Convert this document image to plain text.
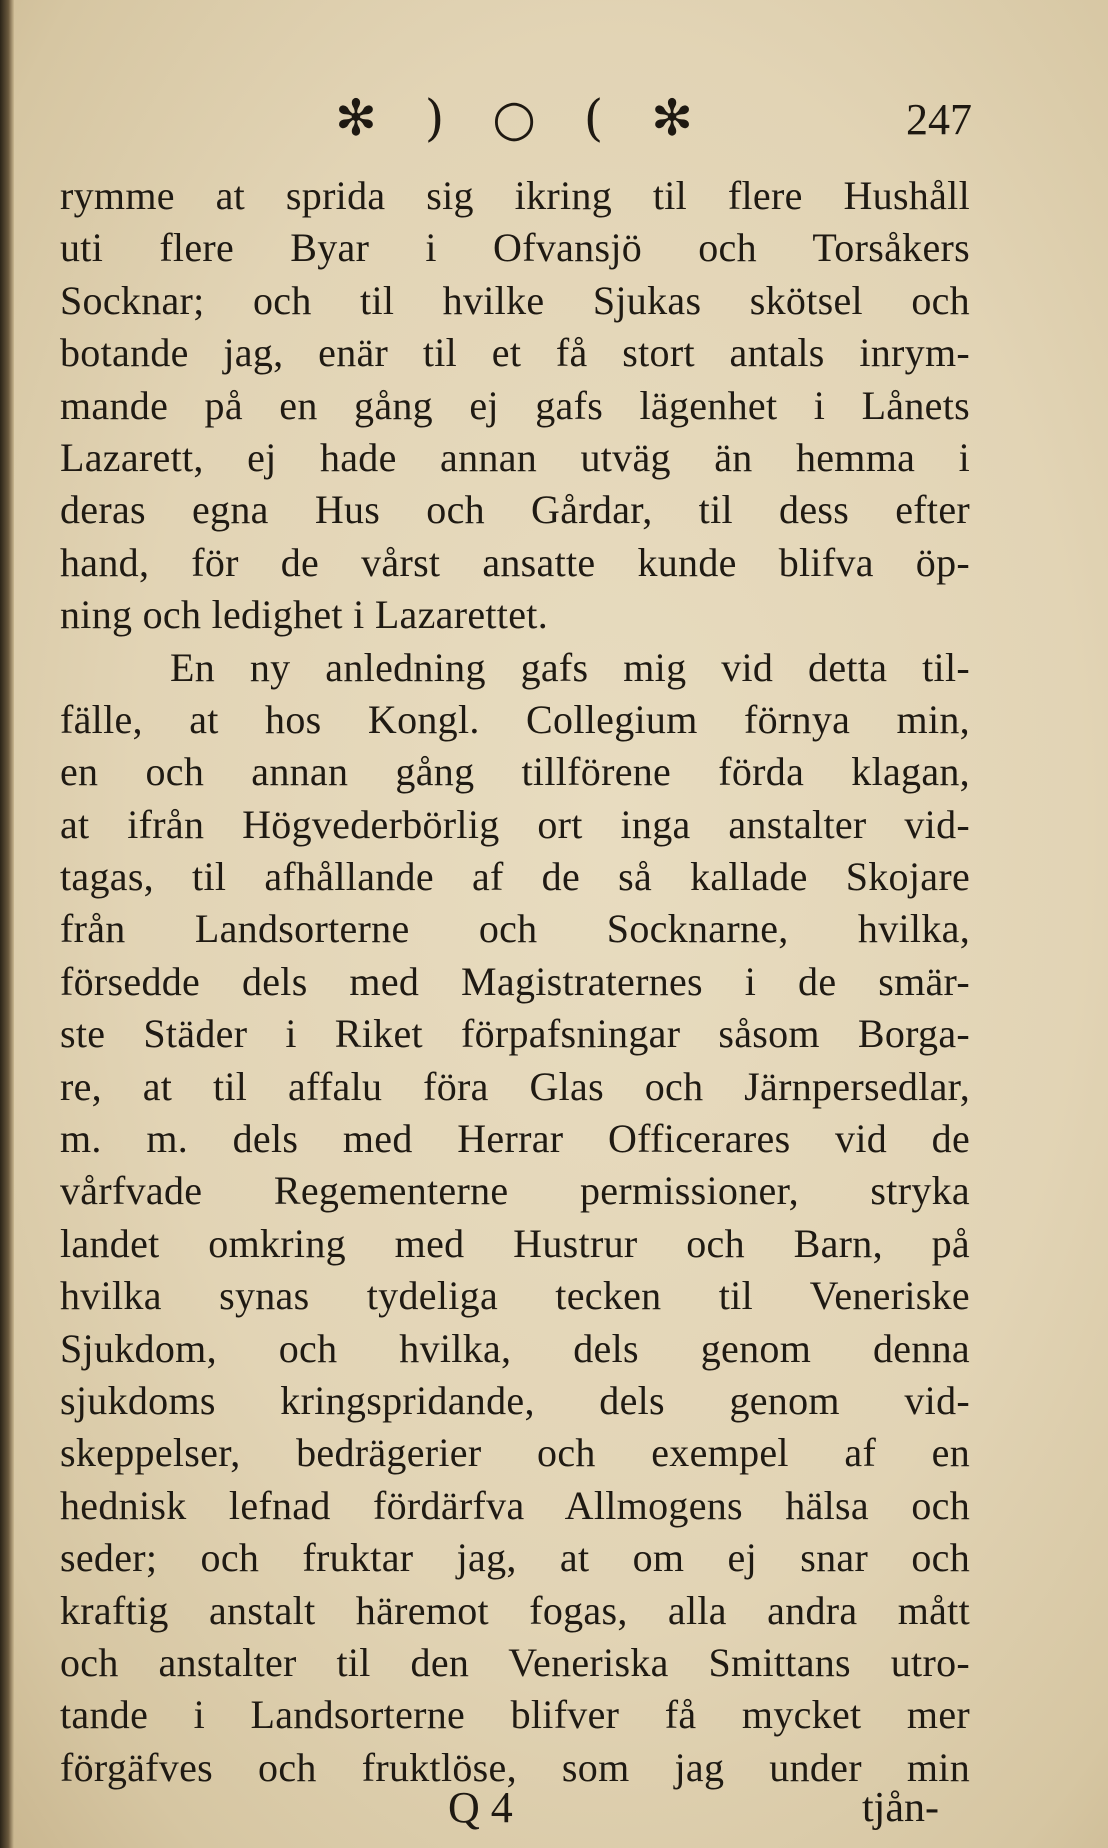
✻ ) ○ ( ✻	247
rymme at sprida sig ikring til flere Hushåll
uti flere Byar i Ofvansjö och Torsåkers
Socknar; och til hvilke Sjukas skötsel och
botande jag, enär til et få stort antals inrym-
mande på en gång ej gafs lägenhet i Lånets
Lazarett, ej hade annan utväg än hemma i
deras egna Hus och Gårdar, til dess efter
hand, för de vårst ansatte kunde blifva öp-
ning och ledighet i Lazarettet.
En ny anledning gafs mig vid detta til-
fälle, at hos Kongl. Collegium förnya min,
en och annan gång tillförene förda klagan,
at ifrån Högvederbörlig ort inga anstalter vid-
tagas, til afhållande af de så kallade Skojare
från Landsorterne och Socknarne, hvilka,
försedde dels med Magistraternes i de smär-
ste Städer i Riket förpafsningar såsom Borga-
re, at til affalu föra Glas och Järnpersedlar,
m. m. dels med Herrar Officerares vid de
vårfvade Regementerne permissioner, stryka
landet omkring med Hustrur och Barn, på
hvilka synas tydeliga tecken til Veneriske
Sjukdom, och hvilka, dels genom denna
sjukdoms kringspridande, dels genom vid-
skeppelser, bedrägerier och exempel af en
hednisk lefnad fördärfva Allmogens hälsa och
seder; och fruktar jag, at om ej snar och
kraftig anstalt häremot fogas, alla andra mått
och anstalter til den Veneriska Smittans utro-
tande i Landsorterne blifver få mycket mer
förgäfves och fruktlöse, som jag under min
Q 4	tjån-
